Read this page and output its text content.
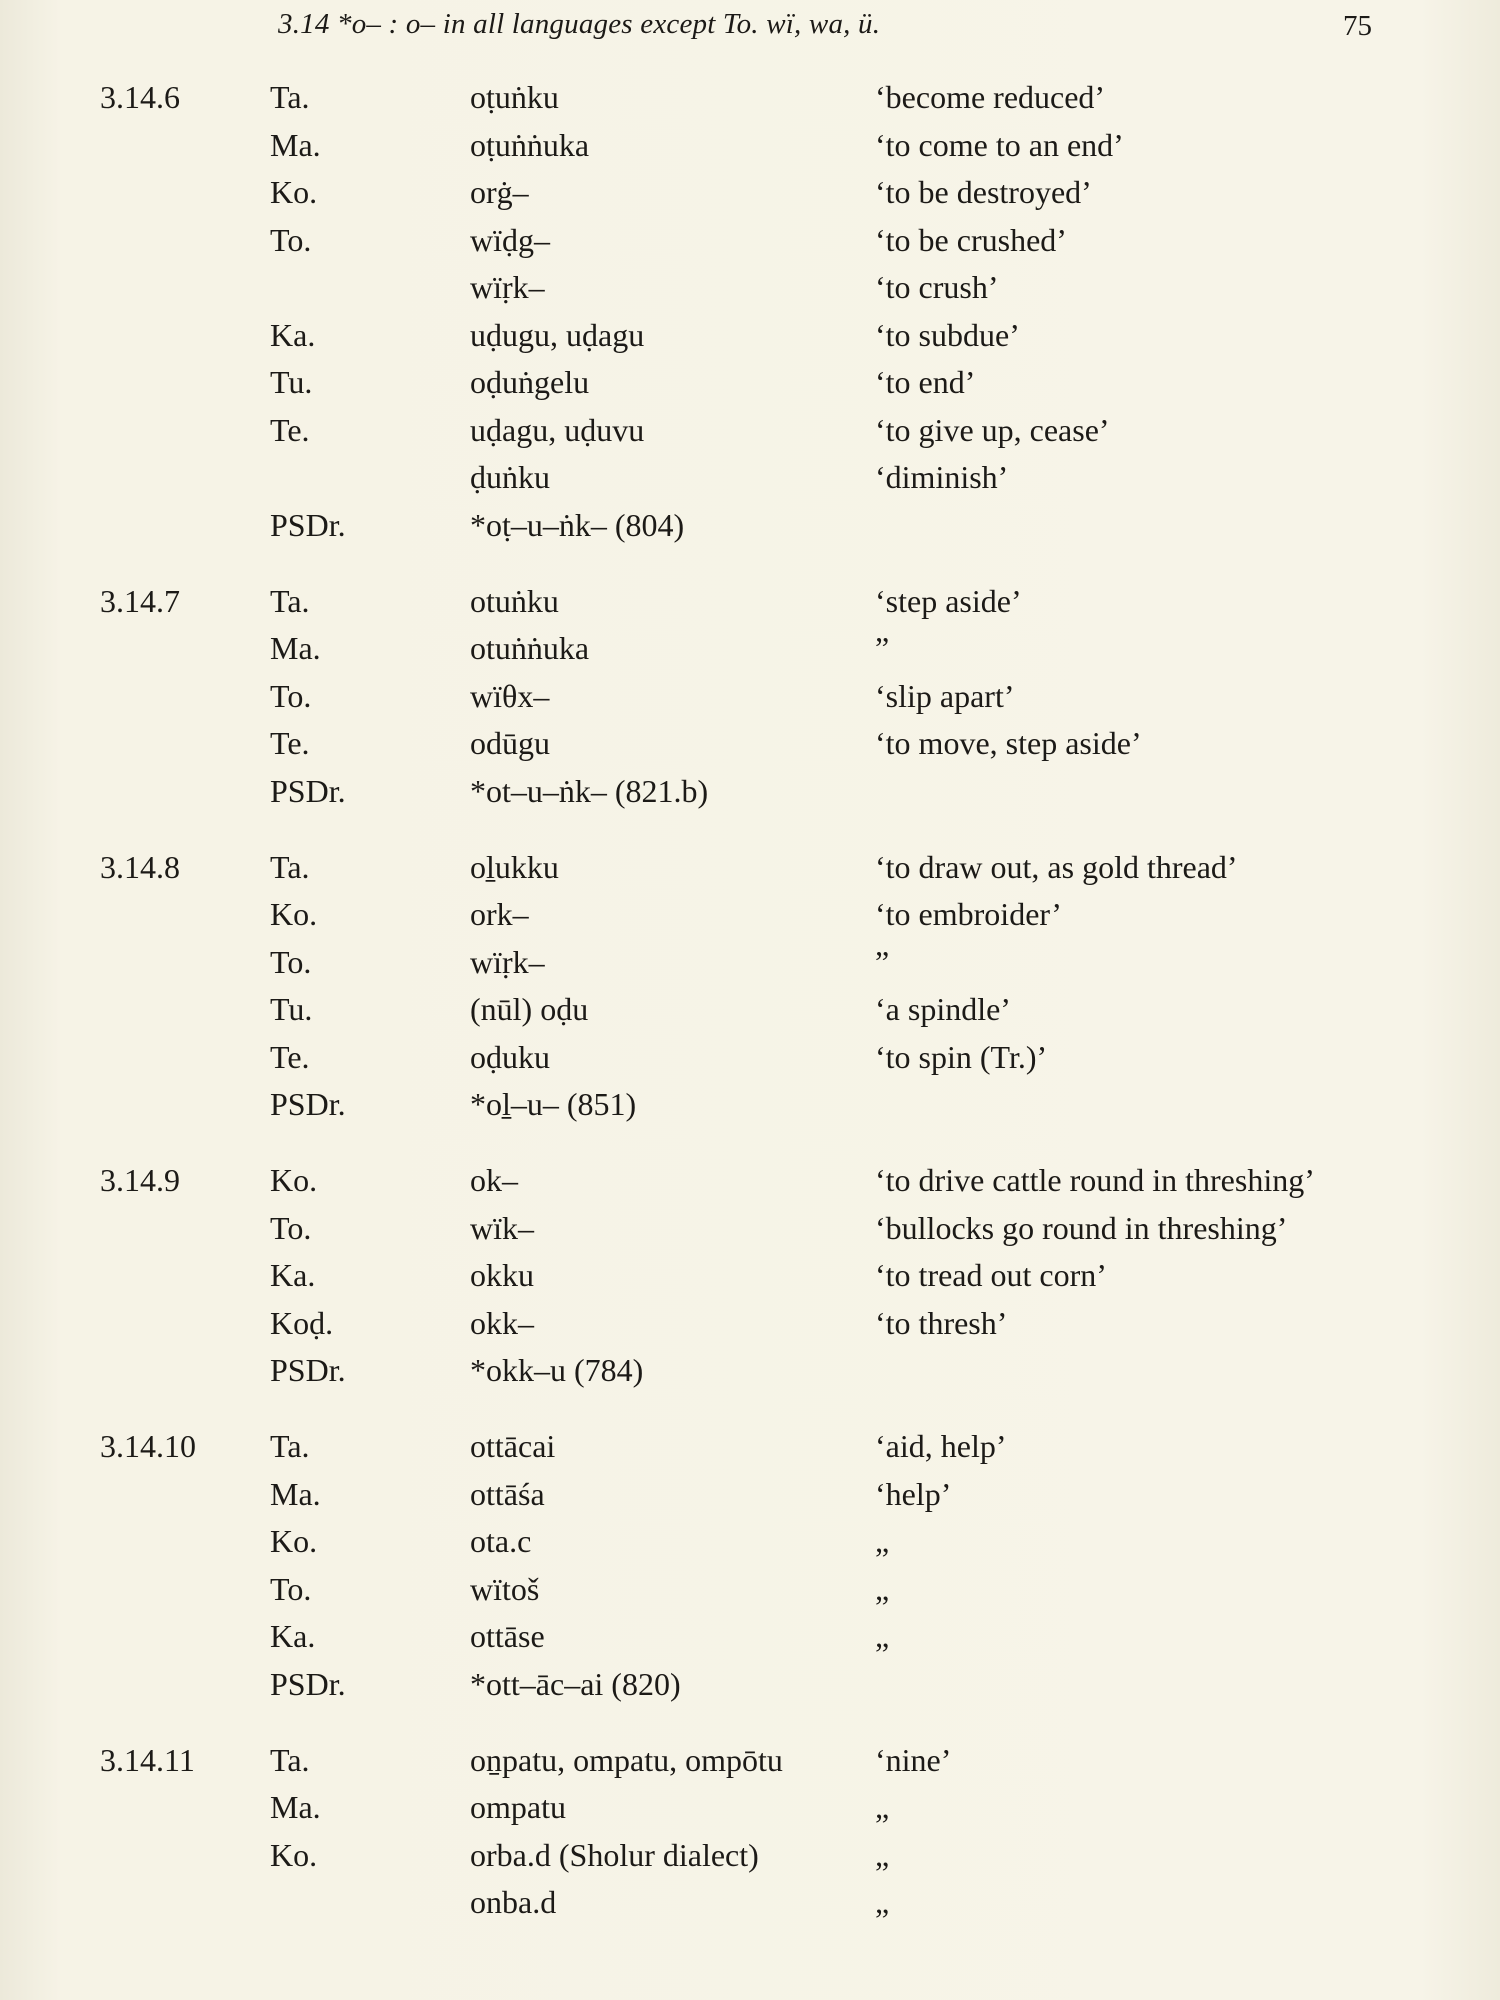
3.14 *o– : o– in all languages except To. wï, wa, ü.	75
3.14.6	Ta.	oṭuṅku	‘become reduced’
Ma.	oṭuṅṅuka	‘to come to an end’
Ko.	orġ–	‘to be destroyed’
To.	wïḍg–	‘to be crushed’
wïṛk–	‘to crush’
Ka.	uḍugu, uḍagu	‘to subdue’
Tu.	oḍuṅgelu	‘to end’
Te.	uḍagu, uḍuvu	‘to give up, cease’
ḍuṅku	‘diminish’
PSDr.	*oṭ–u–ṅk– (804)
3.14.7	Ta.	otuṅku	‘step aside’
Ma.	otuṅṅuka	”
To.	wïθx–	‘slip apart’
Te.	odūgu	‘to move, step aside’
PSDr.	*ot–u–ṅk– (821.b)
3.14.8	Ta.	oḻukku	‘to draw out, as gold thread’
Ko.	ork–	‘to embroider’
To.	wïṛk–	”
Tu.	(nūl) oḍu	‘a spindle’
Te.	oḍuku	‘to spin (Tr.)’
PSDr.	*oḻ–u– (851)
3.14.9	Ko.	ok–	‘to drive cattle round in threshing’
To.	wïk–	‘bullocks go round in threshing’
Ka.	okku	‘to tread out corn’
Koḍ.	okk–	‘to thresh’
PSDr.	*okk–u (784)
3.14.10 Ta.	ottācai	‘aid, help’
Ma.	ottāśa	‘help’
Ko.	ota.c	„
To.	wïtoš	„
Ka.	ottāse	„
PSDr.	*ott–āc–ai (820)
3.14.11 Ta.	oṉpatu, ompatu, ompōtu	‘nine’
Ma.	ompatu	„
Ko.	orba.d (Sholur dialect)	„
onba.d	„
